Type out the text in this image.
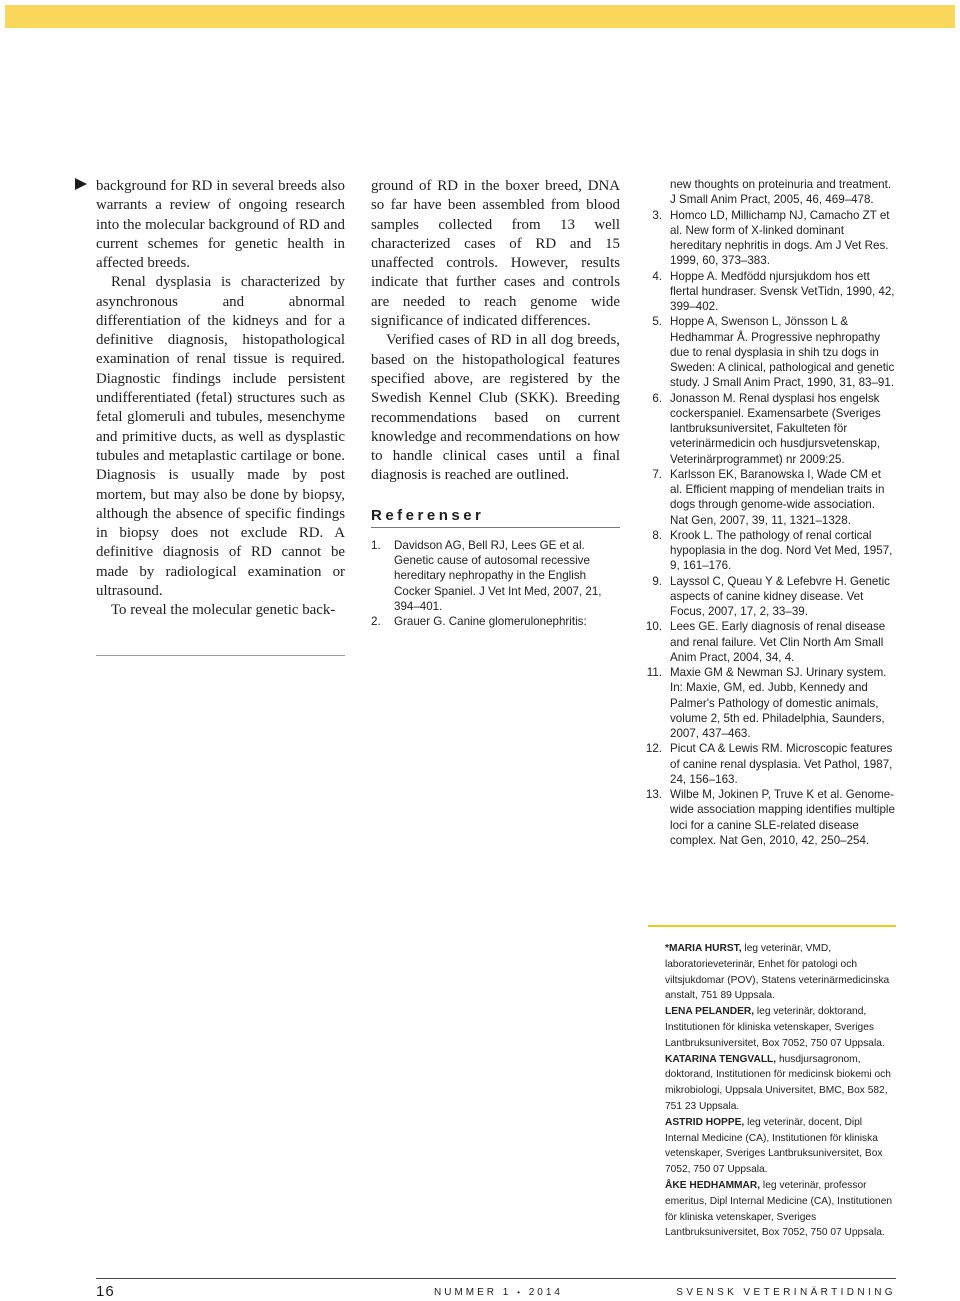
background for RD in several breeds also warrants a review of ongoing research into the molecular background of RD and current schemes for genetic health in affected breeds.

Renal dysplasia is characterized by asynchronous and abnormal differentiation of the kidneys and for a definitive diagnosis, histopathological examination of renal tissue is required. Diagnostic findings include persistent undifferentiated (fetal) structures such as fetal glomeruli and tubules, mesenchyme and primitive ducts, as well as dysplastic tubules and metaplastic cartilage or bone. Diagnosis is usually made by post mortem, but may also be done by biopsy, although the absence of specific findings in biopsy does not exclude RD. A definitive diagnosis of RD cannot be made by radiological examination or ultrasound.

To reveal the molecular genetic back-

ground of RD in the boxer breed, DNA so far have been assembled from blood samples collected from 13 well characterized cases of RD and 15 unaffected controls. However, results indicate that further cases and controls are needed to reach genome wide significance of indicated differences.

Verified cases of RD in all dog breeds, based on the histopathological features specified above, are registered by the Swedish Kennel Club (SKK). Breeding recommendations based on current knowledge and recommendations on how to handle clinical cases until a final diagnosis is reached are outlined.

Referenser
1. Davidson AG, Bell RJ, Lees GE et al. Genetic cause of autosomal recessive hereditary nephropathy in the English Cocker Spaniel. J Vet Int Med, 2007, 21, 394–401.
2. Grauer G. Canine glomerulonephritis:
new thoughts on proteinuria and treatment. J Small Anim Pract, 2005, 46, 469–478.
3. Homco LD, Millichamp NJ, Camacho ZT et al. New form of X-linked dominant hereditary nephritis in dogs. Am J Vet Res. 1999, 60, 373–383.
4. Hoppe A. Medfödd njursjukdom hos ett flertal hundraser. Svensk VetTidn, 1990, 42, 399–402.
5. Hoppe A, Swenson L, Jönsson L & Hedhammar Å. Progressive nephropathy due to renal dysplasia in shih tzu dogs in Sweden: A clinical, pathological and genetic study. J Small Anim Pract, 1990, 31, 83–91.
6. Jonasson M. Renal dysplasi hos engelsk cockerspaniel. Examensarbete (Sveriges lantbruksuniversitet, Fakulteten för veterinärmedicin och husdjursvetenskap, Veterinärprogrammet) nr 2009:25.
7. Karlsson EK, Baranowska I, Wade CM et al. Efficient mapping of mendelian traits in dogs through genome-wide association. Nat Gen, 2007, 39, 11, 1321–1328.
8. Krook L. The pathology of renal cortical hypoplasia in the dog. Nord Vet Med, 1957, 9, 161–176.
9. Layssol C, Queau Y & Lefebvre H. Genetic aspects of canine kidney disease. Vet Focus, 2007, 17, 2, 33–39.
10. Lees GE. Early diagnosis of renal disease and renal failure. Vet Clin North Am Small Anim Pract, 2004, 34, 4.
11. Maxie GM & Newman SJ. Urinary system. In: Maxie, GM, ed. Jubb, Kennedy and Palmer's Pathology of domestic animals, volume 2, 5th ed. Philadelphia, Saunders, 2007, 437–463.
12. Picut CA & Lewis RM. Microscopic features of canine renal dysplasia. Vet Pathol, 1987, 24, 156–163.
13. Wilbe M, Jokinen P, Truve K et al. Genome-wide association mapping identifies multiple loci for a canine SLE-related disease complex. Nat Gen, 2010, 42, 250–254.

*MARIA HURST, leg veterinär, VMD, laboratorieveterinär, Enhet för patologi och viltsjukdomar (POV), Statens veterinärmedicinska anstalt, 751 89 Uppsala.

LENA PELANDER, leg veterinär, doktorand, Institutionen för kliniska vetenskaper, Sveriges Lantbruksuniversitet, Box 7052, 750 07 Uppsala.

KATARINA TENGVALL, husdjursagronom, doktorand, Institutionen för medicinsk biokemi och mikrobiologi, Uppsala Universitet, BMC, Box 582, 751 23 Uppsala.

ASTRID HOPPE, leg veterinär, docent, Dipl Internal Medicine (CA), Institutionen för kliniska vetenskaper, Sveriges Lantbruksuniversitet, Box 7052, 750 07 Uppsala.

ÅKE HEDHAMMAR, leg veterinär, professor emeritus, Dipl Internal Medicine (CA), Institutionen för kliniska vetenskaper, Sveriges Lantbruksuniversitet, Box 7052, 750 07 Uppsala.

16	NUMMER 1 • 2014	SVENSK VETERINÄRTIDNING
